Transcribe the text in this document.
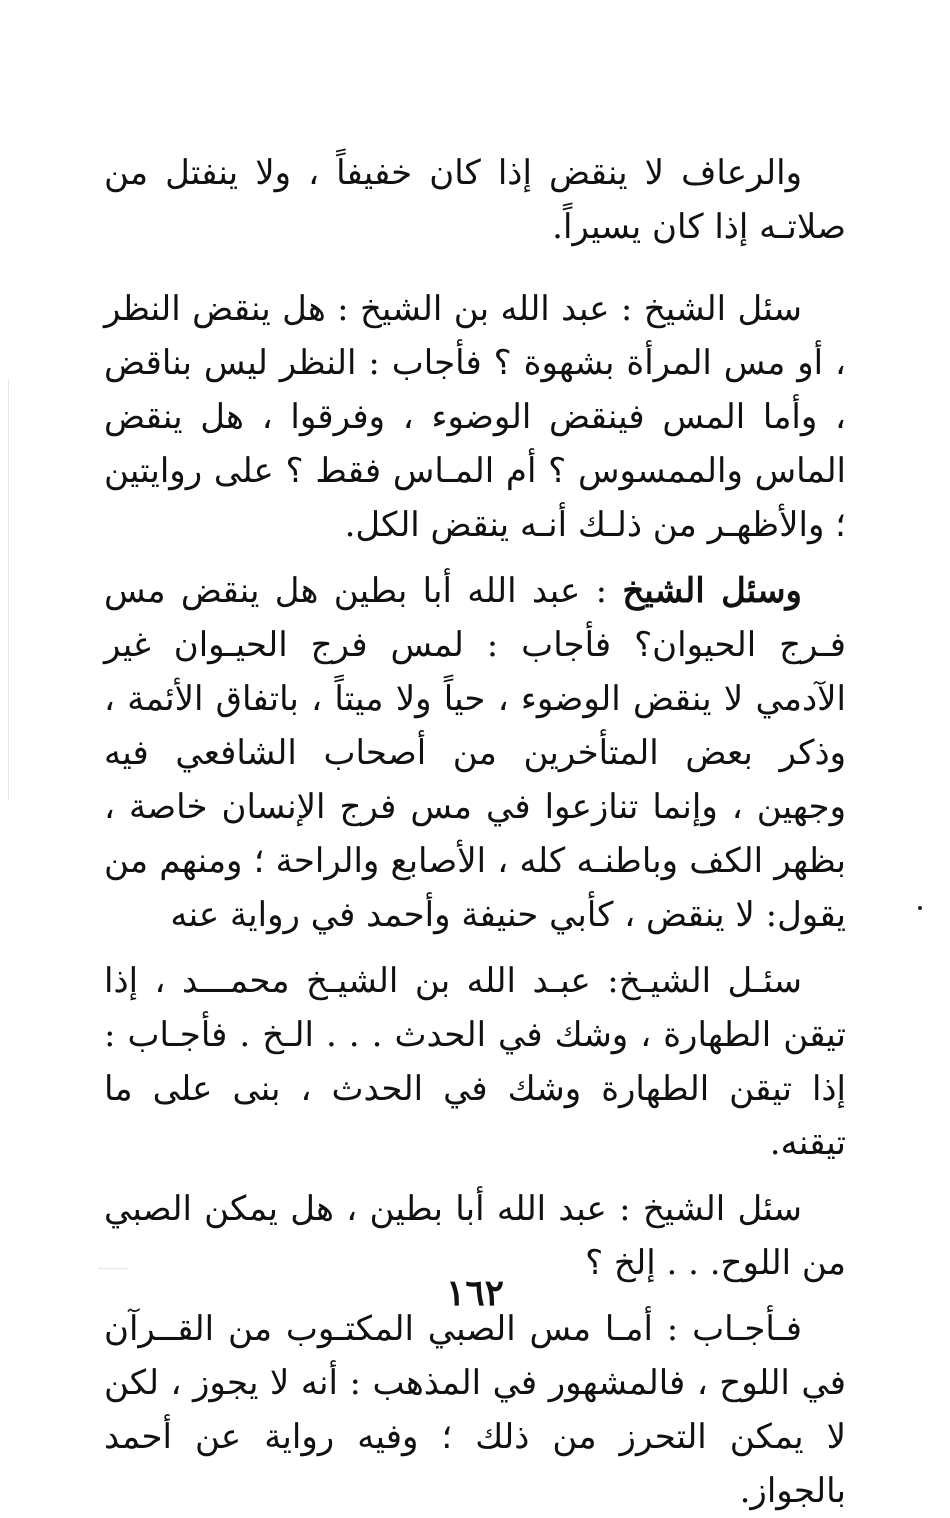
والرعاف لا ينقض إذا كان خفيفاً ، ولا ينفتل من صلاتـه إذا كان يسيراً.

سئل الشيخ : عبد الله بن الشيخ : هل ينقض النظر ، أو مس المرأة بشهوة ؟ فأجاب : النظر ليس بناقض ، وأما المس فينقض الوضوء ، وفرقوا ، هل ينقض الماس والممسوس ؟ أم المـاس فقط ؟ على روايتين ؛ والأظهـر من ذلـك أنـه ينقض الكل.

وسئل الشيخ : عبد الله أبا بطين هل ينقض مس فـرج الحيوان؟ فأجاب : لمس فرج الحيـوان غير الآدمي لا ينقض الوضوء ، حياً ولا ميتاً ، باتفاق الأئمة ، وذكر بعض المتأخرين من أصحاب الشافعي فيه وجهين ، وإنما تنازعوا في مس فرج الإنسان خاصة ، بظهر الكف وباطنـه كله ، الأصابع والراحة ؛ ومنهم من يقول: لا ينقض ، كأبي حنيفة وأحمد في رواية عنه

سئـل الشيـخ: عبـد الله بن الشيـخ محمـــد ، إذا تيقن الطهارة ، وشك في الحدث . . . الـخ . فأجـاب : إذا تيقن الطهارة وشك في الحدث ، بنى على ما تيقنه.

سئل الشيخ : عبد الله أبا بطين ، هل يمكن الصبي من اللوح. . . إلخ ؟

فـأجـاب : أمـا مس الصبي المكتـوب من القــرآن في اللوح ، فالمشهور في المذهب : أنه لا يجوز ، لكن لا يمكن التحرز من ذلك ؛ وفيه رواية عن أحمد بالجواز.

١٦٢
